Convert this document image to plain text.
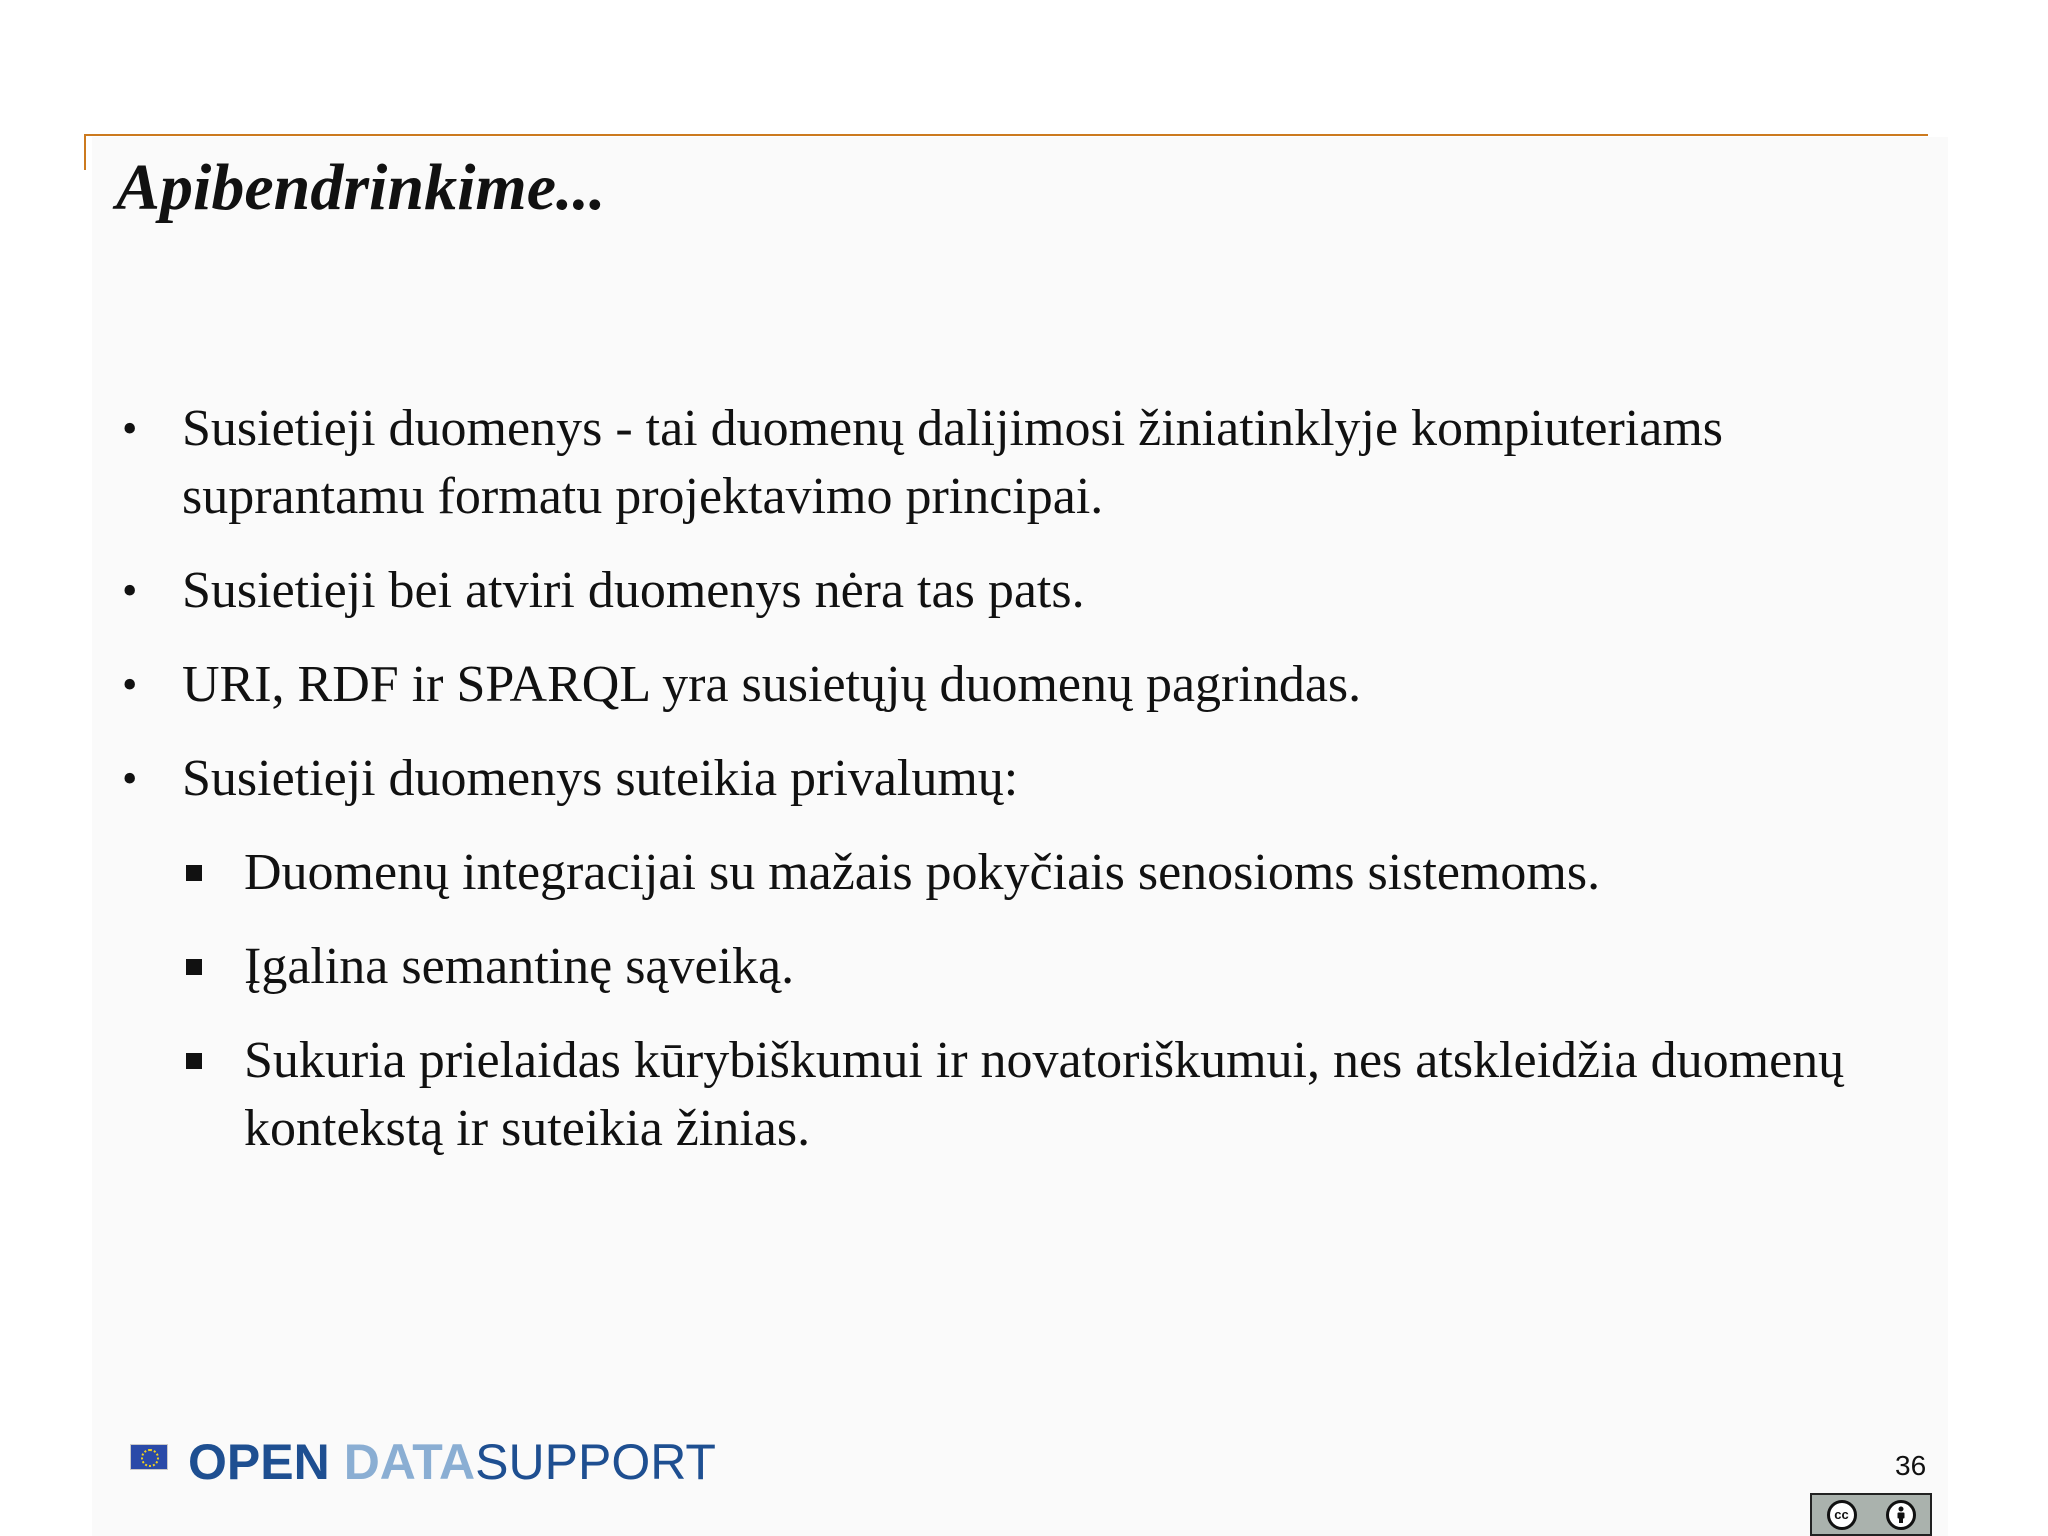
Apibendrinkime...
• Susietieji duomenys - tai duomenų dalijimosi žiniatinklyje kompiuteriams suprantamu formatu projektavimo principai.
• Susietieji bei atviri duomenys nėra tas pats.
• URI, RDF ir SPARQL yra susietųjų duomenų pagrindas.
• Susietieji duomenys suteikia privalumų:
Duomenų integracijai su mažais pokyčiais senosioms sistemoms.
Įgalina semantinę sąveiką.
Sukuria prielaidas kūrybiškumui ir novatoriškumui, nes atskleidžia duomenų kontekstą ir suteikia žinias.
OPEN DATA SUPPORT	36
cc
